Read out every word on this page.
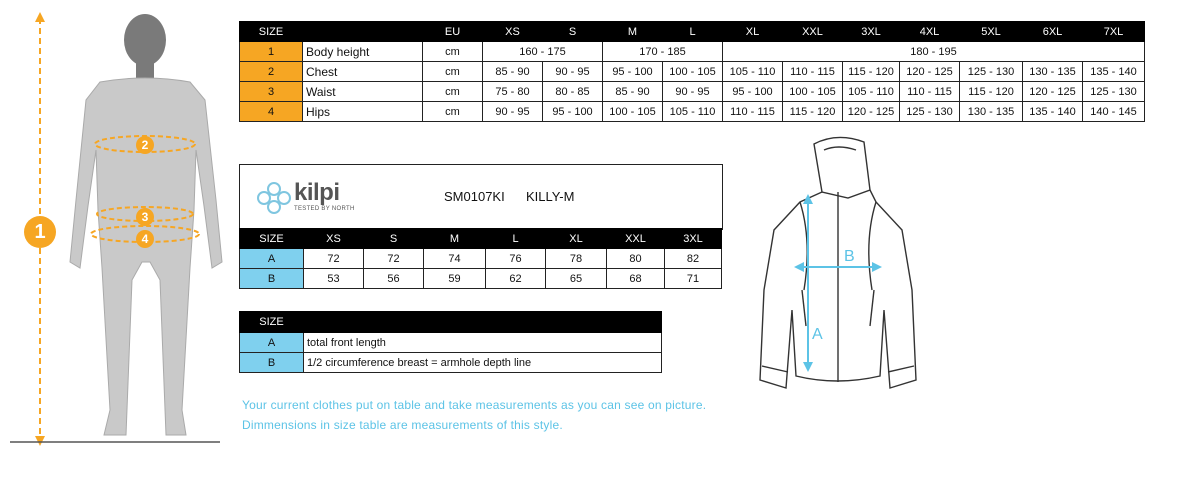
1
2
3
4
SIZE		EU	XS	S	M	L	XL	XXL	3XL	4XL	5XL	6XL	7XL
1	Body height	cm	160 - 175		170 - 185		180 - 195						
2	Chest	cm	85 - 90	90 - 95	95 - 100	100 - 105	105 - 110	110 - 115	115 - 120	120 - 125	125 - 130	130 - 135	135 - 140
3	Waist	cm	75 - 80	80 - 85	85 - 90	90 - 95	95 - 100	100 - 105	105 - 110	110 - 115	115 - 120	120 - 125	125 - 130
4	Hips	cm	90 - 95	95 - 100	100 - 105	105 - 110	110 - 115	115 - 120	120 - 125	125 - 130	130 - 135	135 - 140	140 - 145
kilpi
TESTED BY NORTH
SM0107KI KILLY-M
SIZE	XS	S	M	L	XL	XXL	3XL
A	72	72	74	76	78	80	82
B	53	56	59	62	65	68	71
SIZE	
A	total front length
B	1/2 circumference breast = armhole depth line
A
B
Your current clothes put on table and take measurements as you can see on picture.
Dimmensions in size table are measurements of this style.
